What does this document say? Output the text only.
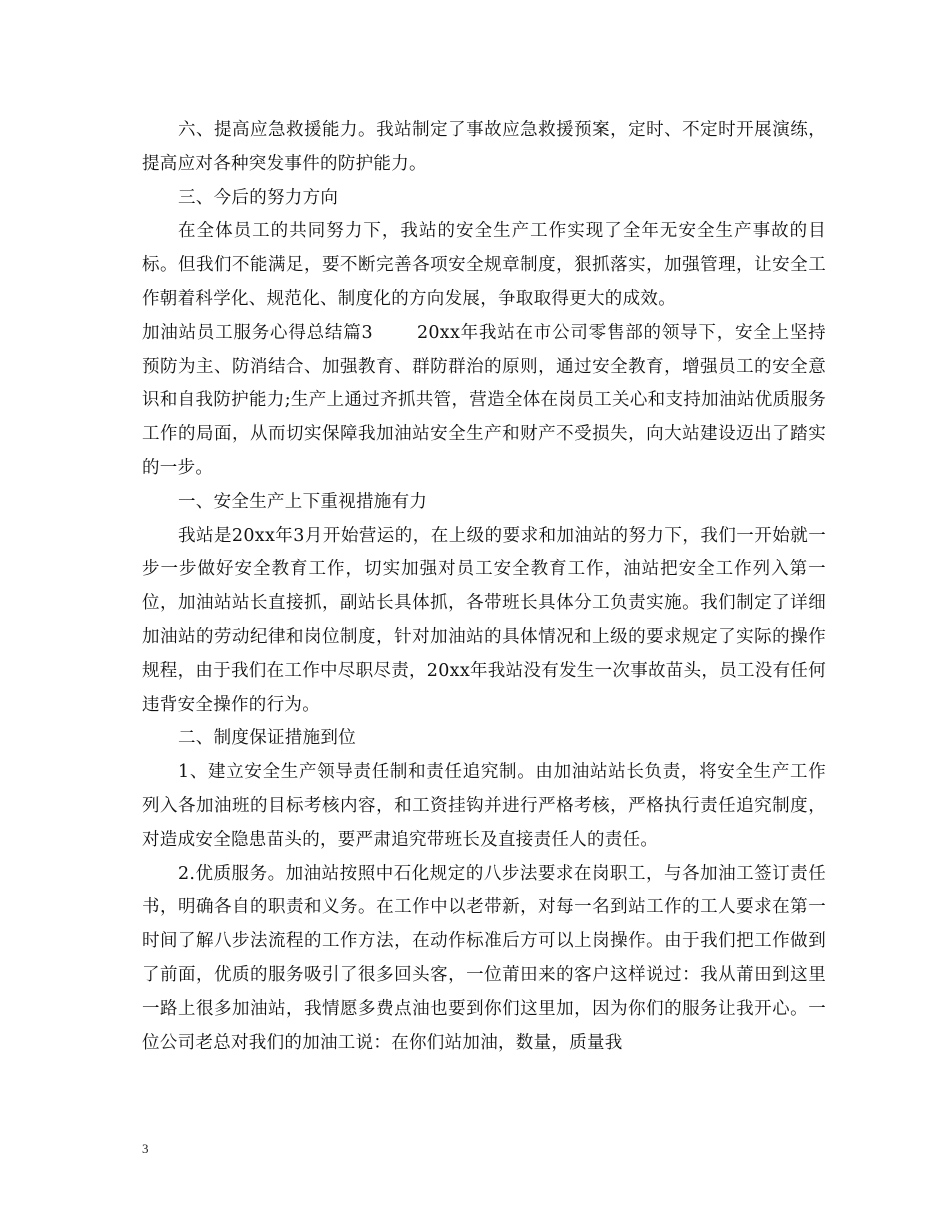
六、提高应急救援能力。我站制定了事故应急救援预案，定时、不定时开展演练，提高应对各种突发事件的防护能力。

三、今后的努力方向

在全体员工的共同努力下，我站的安全生产工作实现了全年无安全生产事故的目标。但我们不能满足，要不断完善各项安全规章制度，狠抓落实，加强管理，让安全工作朝着科学化、规范化、制度化的方向发展，争取取得更大的成效。

加油站员工服务心得总结篇3	20xx年我站在市公司零售部的领导下，安全上坚持预防为主、防消结合、加强教育、群防群治的原则，通过安全教育，增强员工的安全意识和自我防护能力;生产上通过齐抓共管，营造全体在岗员工关心和支持加油站优质服务工作的局面，从而切实保障我加油站安全生产和财产不受损失，向大站建设迈出了踏实的一步。

一、安全生产上下重视措施有力

我站是20xx年3月开始营运的，在上级的要求和加油站的努力下，我们一开始就一步一步做好安全教育工作，切实加强对员工安全教育工作，油站把安全工作列入第一位，加油站站长直接抓，副站长具体抓，各带班长具体分工负责实施。我们制定了详细加油站的劳动纪律和岗位制度，针对加油站的具体情况和上级的要求规定了实际的操作规程，由于我们在工作中尽职尽责，20xx年我站没有发生一次事故苗头，员工没有任何违背安全操作的行为。

二、制度保证措施到位

1、建立安全生产领导责任制和责任追究制。由加油站站长负责，将安全生产工作列入各加油班的目标考核内容，和工资挂钩并进行严格考核，严格执行责任追究制度，对造成安全隐患苗头的，要严肃追究带班长及直接责任人的责任。

2.优质服务。加油站按照中石化规定的八步法要求在岗职工，与各加油工签订责任书，明确各自的职责和义务。在工作中以老带新，对每一名到站工作的工人要求在第一时间了解八步法流程的工作方法，在动作标准后方可以上岗操作。由于我们把工作做到了前面，优质的服务吸引了很多回头客，一位莆田来的客户这样说过：我从莆田到这里一路上很多加油站，我情愿多费点油也要到你们这里加，因为你们的服务让我开心。一位公司老总对我们的加油工说：在你们站加油，数量，质量我

3
